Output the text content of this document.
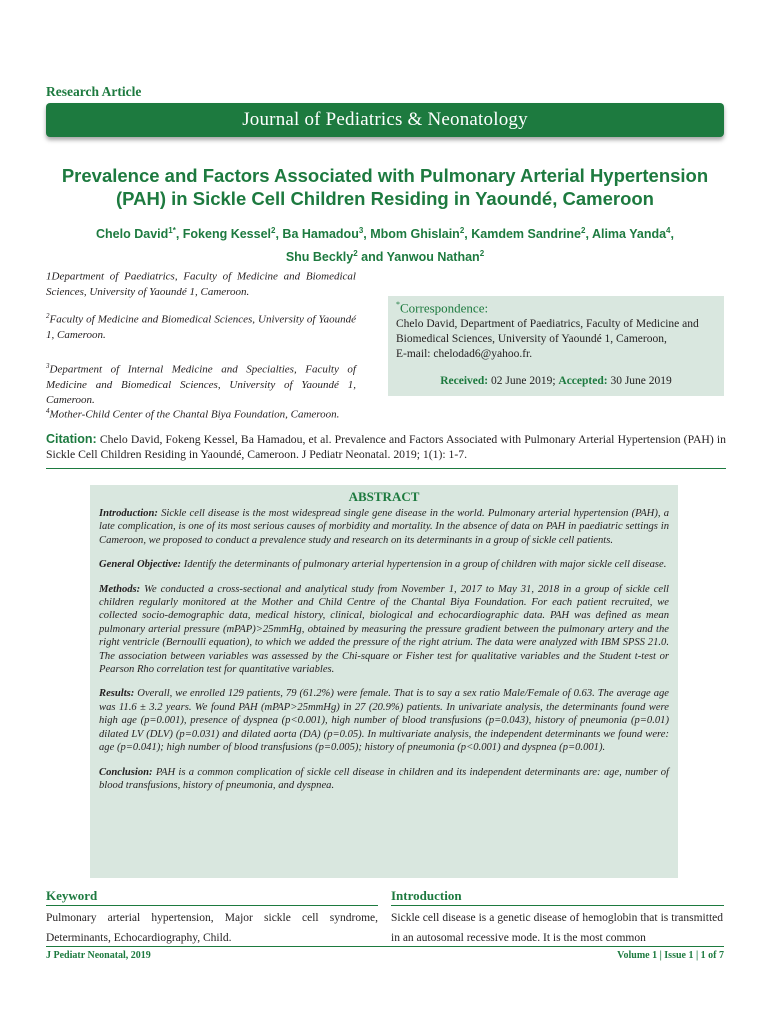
Research Article
Journal of Pediatrics & Neonatology
Prevalence and Factors Associated with Pulmonary Arterial Hypertension (PAH) in Sickle Cell Children Residing in Yaoundé, Cameroon
Chelo David$^{1*}$, Fokeng Kessel$^2$, Ba Hamadou$^3$, Mbom Ghislain$^2$, Kamdem Sandrine$^2$, Alima Yanda$^4$,
Shu Beckly$^2$ and Yanwou Nathan$^2$
1Department of Paediatrics, Faculty of Medicine and Biomedical Sciences, University of Yaoundé 1, Cameroon.
$^2$Faculty of Medicine and Biomedical Sciences, University of Yaoundé 1, Cameroon.
$^3$Department of Internal Medicine and Specialties, Faculty of Medicine and Biomedical Sciences, University of Yaoundé 1, Cameroon.
$^4$Mother-Child Center of the Chantal Biya Foundation, Cameroon.
*Correspondence:
Chelo David, Department of Paediatrics, Faculty of Medicine and Biomedical Sciences, University of Yaoundé 1, Cameroon,
E-mail: chelodad6@yahoo.fr.
Received: 02 June 2019; Accepted: 30 June 2019
Citation: Chelo David, Fokeng Kessel, Ba Hamadou, et al. Prevalence and Factors Associated with Pulmonary Arterial Hypertension (PAH) in Sickle Cell Children Residing in Yaoundé, Cameroon. J Pediatr Neonatal. 2019; 1(1): 1-7.
ABSTRACT

Introduction: Sickle cell disease is the most widespread single gene disease in the world. Pulmonary arterial hypertension (PAH), a late complication, is one of its most serious causes of morbidity and mortality. In the absence of data on PAH in paediatric settings in Cameroon, we proposed to conduct a prevalence study and research on its determinants in a group of sickle cell patients.

General Objective: Identify the determinants of pulmonary arterial hypertension in a group of children with major sickle cell disease.

Methods: We conducted a cross-sectional and analytical study from November 1, 2017 to May 31, 2018 in a group of sickle cell children regularly monitored at the Mother and Child Centre of the Chantal Biya Foundation. For each patient recruited, we collected socio-demographic data, medical history, clinical, biological and echocardiographic data. PAH was defined as mean pulmonary arterial pressure (mPAP)>25mmHg, obtained by measuring the pressure gradient between the pulmonary artery and the right ventricle (Bernoulli equation), to which we added the pressure of the right atrium. The data were analyzed with IBM SPSS 21.0. The association between variables was assessed by the Chi-square or Fisher test for qualitative variables and the Student t-test or Pearson Rho correlation test for quantitative variables.

Results: Overall, we enrolled 129 patients, 79 (61.2%) were female. That is to say a sex ratio Male/Female of 0.63. The average age was 11.6 ± 3.2 years. We found PAH (mPAP>25mmHg) in 27 (20.9%) patients. In univariate analysis, the determinants found were high age (p=0.001), presence of dyspnea (p<0.001), high number of blood transfusions (p=0.043), history of pneumonia (p=0.01) dilated LV (DLV) (p=0.031) and dilated aorta (DA) (p=0.05). In multivariate analysis, the independent determinants we found were: age (p=0.041); high number of blood transfusions (p=0.005); history of pneumonia (p<0.001) and dyspnea (p=0.001).

Conclusion: PAH is a common complication of sickle cell disease in children and its independent determinants are: age, number of blood transfusions, history of pneumonia, and dyspnea.

Keyword
Pulmonary arterial hypertension, Major sickle cell syndrome, Determinants, Echocardiography, Child.
Introduction
Sickle cell disease is a genetic disease of hemoglobin that is transmitted in an autosomal recessive mode. It is the most common
J Pediatr Neonatal, 2019	Volume 1 | Issue 1 | 1 of 7
